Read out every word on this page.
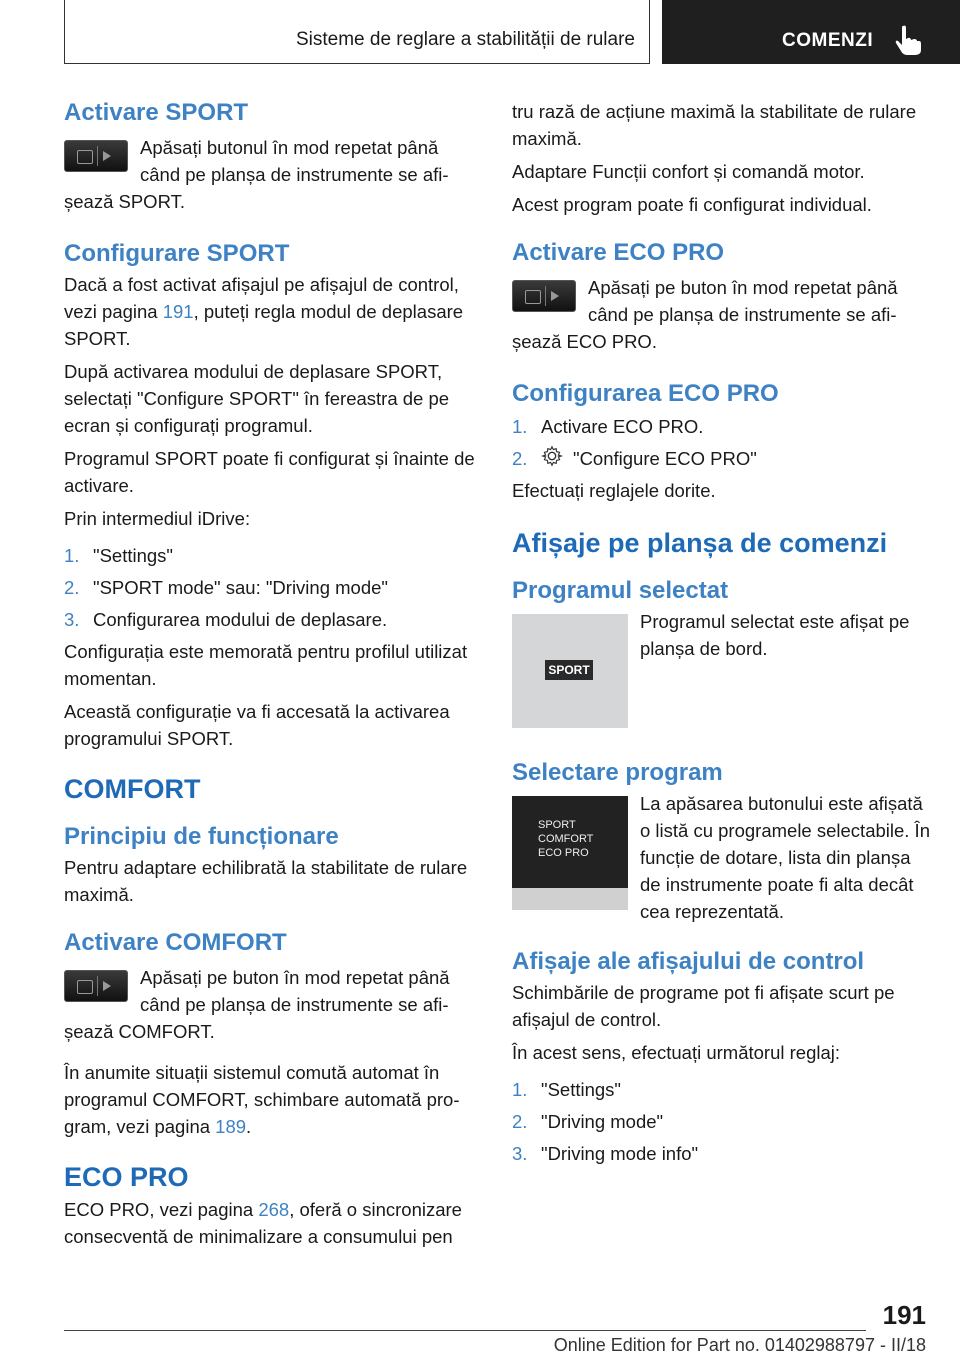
Sisteme de reglare a stabilității de rulare	COMENZI
Activare SPORT

Apăsați butonul în mod repetat până când pe planșa de instrumente se afișează SPORT.

Configurare SPORT

Dacă a fost activat afișajul pe afișajul de control, vezi pagina 191, puteți regla modul de deplasare SPORT.

După activarea modului de deplasare SPORT, selectați "Configure SPORT" în fereastra de pe ecran și configurați programul.

Programul SPORT poate fi configurat și înainte de activare.

Prin intermediul iDrive:

1. "Settings"
2. "SPORT mode" sau: "Driving mode"
3. Configurarea modului de deplasare.

Configurația este memorată pentru profilul utilizat momentan.

Această configurație va fi accesată la activarea programului SPORT.

COMFORT
Principiu de funcționare

Pentru adaptare echilibrată la stabilitate de rulare maximă.

Activare COMFORT

Apăsați pe buton în mod repetat până când pe planșa de instrumente se afișează COMFORT.

În anumite situații sistemul comută automat în programul COMFORT, schimbare automată program, vezi pagina 189.

ECO PRO

ECO PRO, vezi pagina 268, oferă o sincronizare consecventă de minimalizare a consumului pen

tru rază de acțiune maximă la stabilitate de rulare maximă.

Adaptare Funcții confort și comandă motor.

Acest program poate fi configurat individual.

Activare ECO PRO

Apăsați pe buton în mod repetat până când pe planșa de instrumente se afișează ECO PRO.

Configurarea ECO PRO
1. Activare ECO PRO.
2.	"Configure ECO PRO"

Efectuați reglajele dorite.

Afișaje pe planșa de comenzi
Programul selectat
SPORT

Programul selectat este afișat pe planșa de bord.

Selectare program
SPORT
COMFORT
ECO PRO

La apăsarea butonului este afișată o listă cu programele selectabile. În funcție de dotare, lista din planșa de instrumente poate fi alta decât cea reprezentată.

Afișaje ale afișajului de control

Schimbările de programe pot fi afișate scurt pe afișajul de control.

În acest sens, efectuați următorul reglaj:

1. "Settings"
2. "Driving mode"
3. "Driving mode info"
191
Online Edition for Part no. 01402988797 - II/18
